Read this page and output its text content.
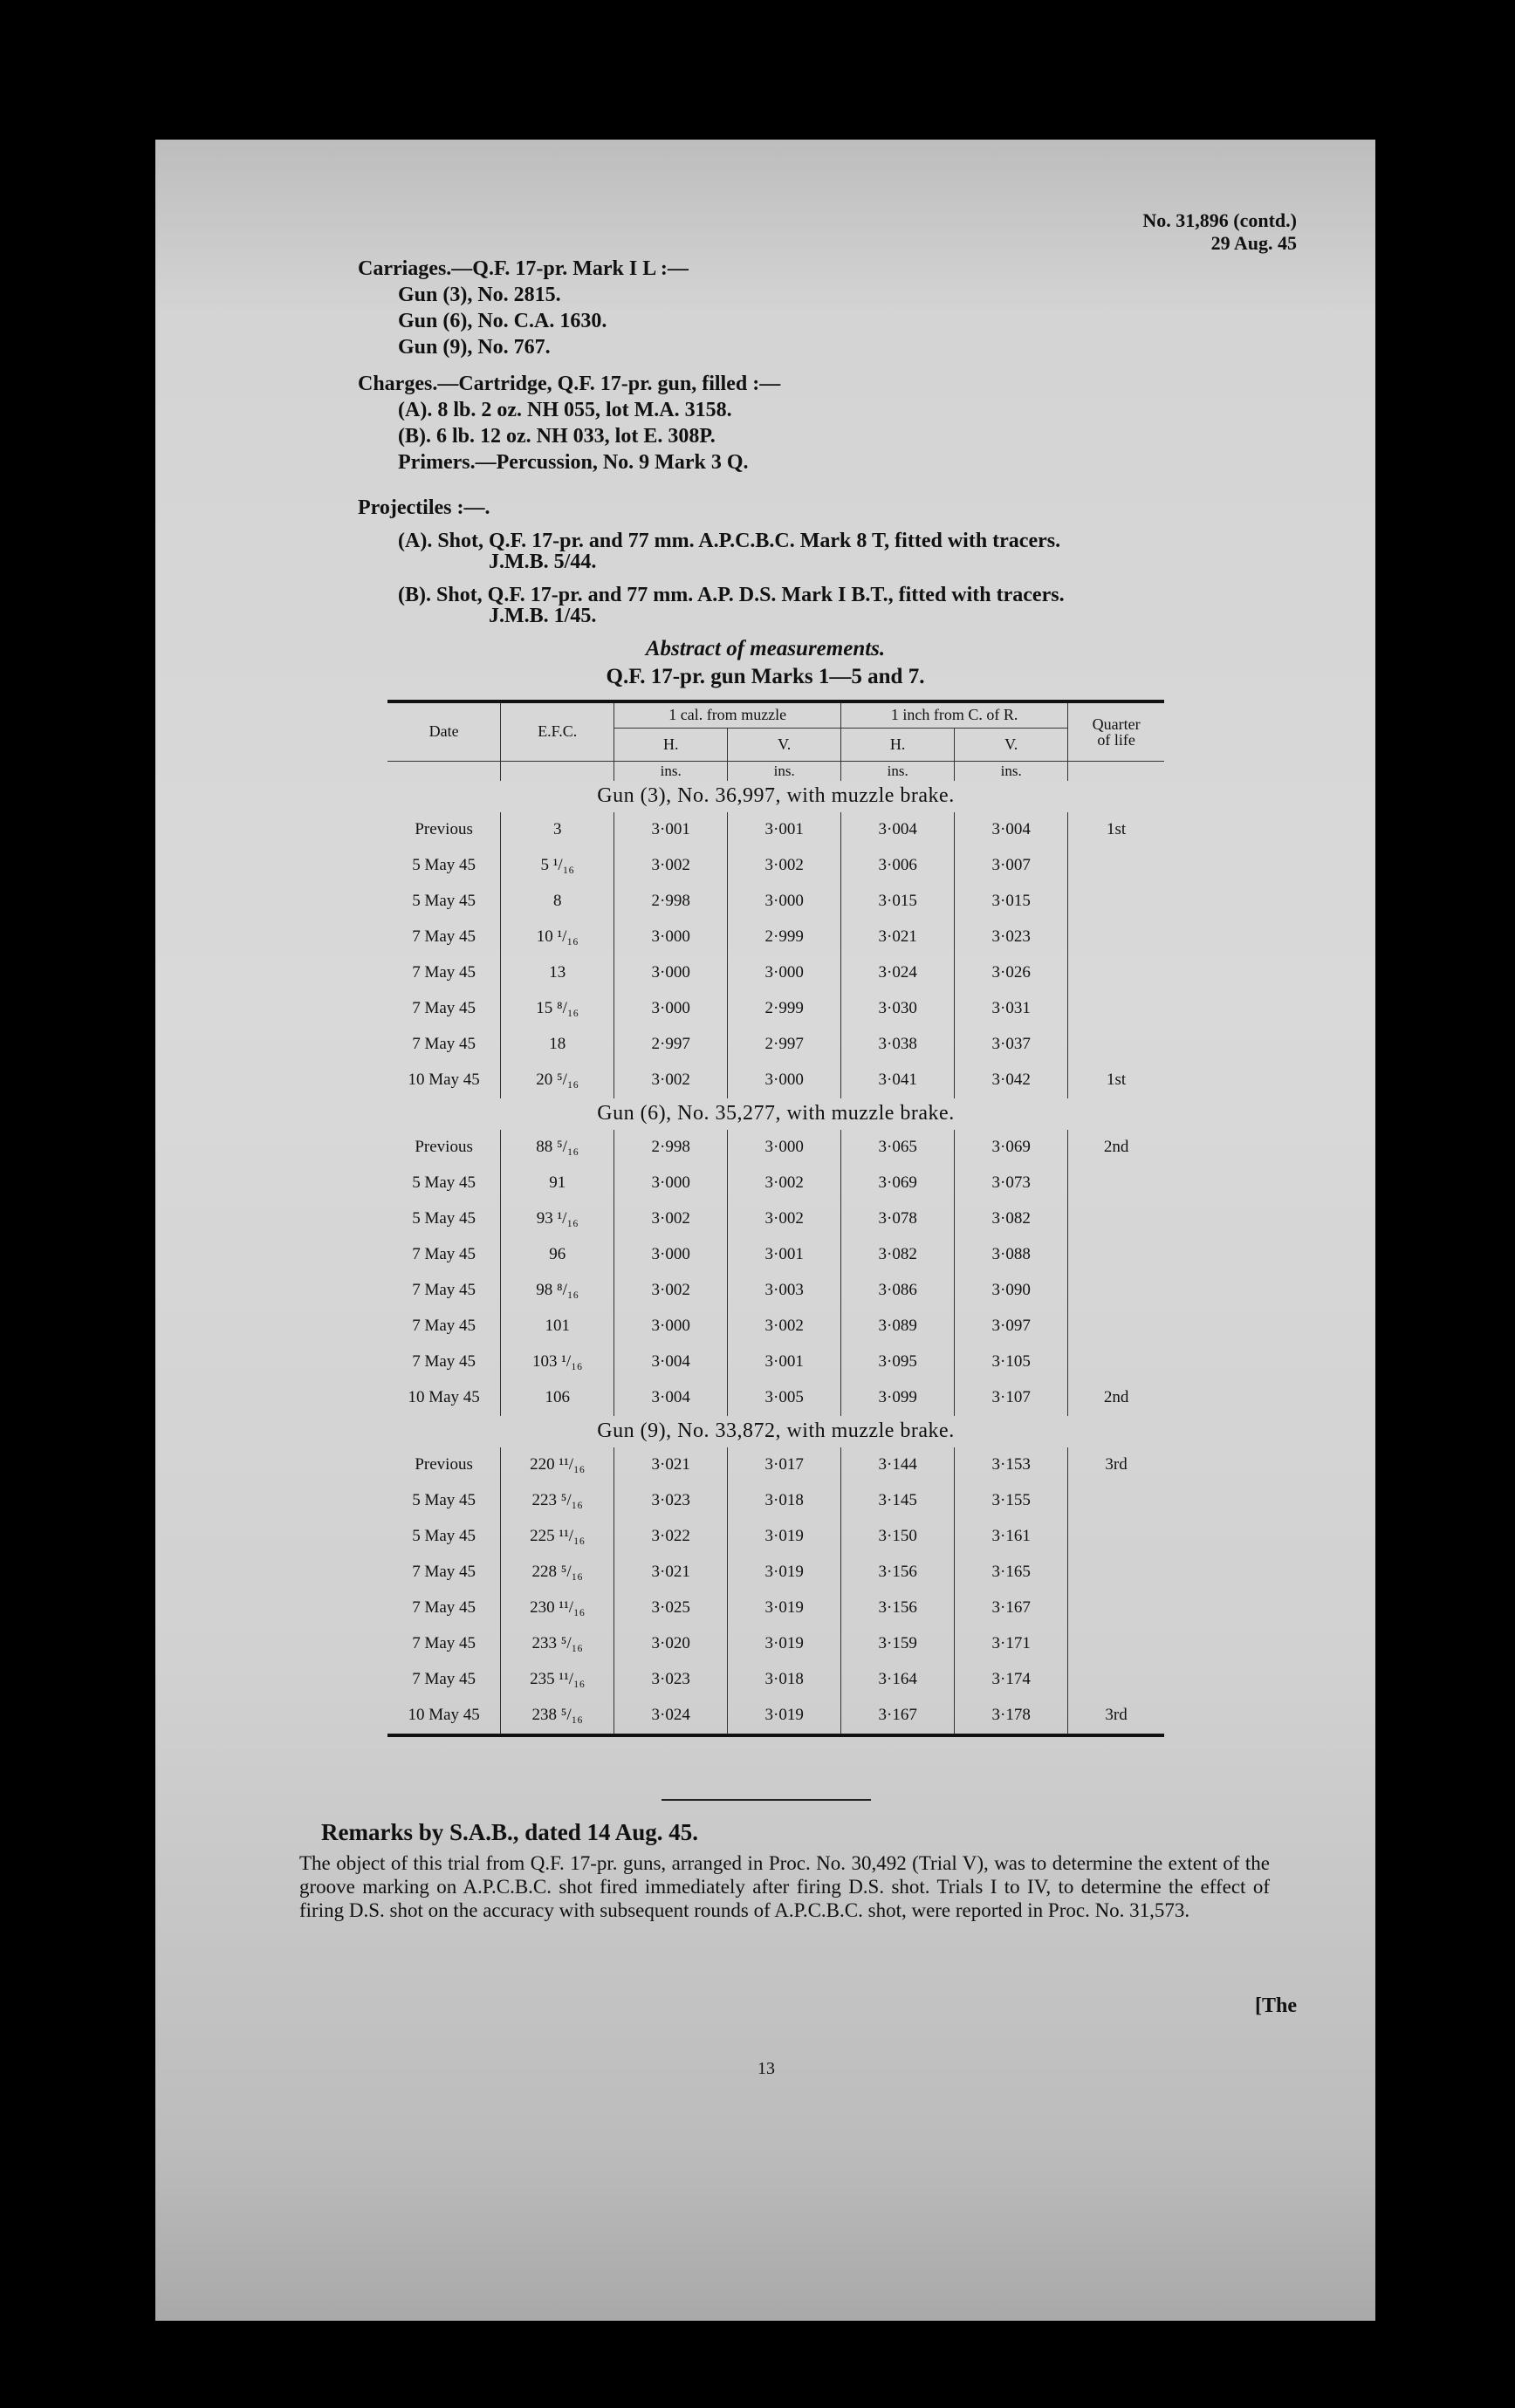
No. 31,896 (contd.)
29 Aug. 45
Carriages.—Q.F. 17-pr. Mark I L :—
Gun (3), No. 2815.
Gun (6), No. C.A. 1630.
Gun (9), No. 767.
Charges.—Cartridge, Q.F. 17-pr. gun, filled :—
(A). 8 lb. 2 oz. NH 055, lot M.A. 3158.
(B). 6 lb. 12 oz. NH 033, lot E. 308P.
Primers.—Percussion, No. 9 Mark 3 Q.
Projectiles :—.
(A). Shot, Q.F. 17-pr. and 77 mm. A.P.C.B.C. Mark 8 T, fitted with tracers.
J.M.B. 5/44.
(B). Shot, Q.F. 17-pr. and 77 mm. A.P. D.S. Mark I B.T., fitted with tracers.
J.M.B. 1/45.
Abstract of measurements.
Q.F. 17-pr. gun Marks 1—5 and 7.
Date	E.F.C.	1 cal. from muzzle		1 inch from C. of R.		Quarter of life
		H.	V.	H.	V.	
		ins.	ins.	ins.	ins.	
Gun (3), No. 36,997, with muzzle brake.						
Previous	3	3·001	3·001	3·004	3·004	1st
5 May 45	5 ¹/₁₆	3·002	3·002	3·006	3·007	
5 May 45	8	2·998	3·000	3·015	3·015	
7 May 45	10 ¹/₁₆	3·000	2·999	3·021	3·023	
7 May 45	13	3·000	3·000	3·024	3·026	
7 May 45	15 ⁸/₁₆	3·000	2·999	3·030	3·031	
7 May 45	18	2·997	2·997	3·038	3·037	
10 May 45	20 ⁵/₁₆	3·002	3·000	3·041	3·042	1st
Gun (6), No. 35,277, with muzzle brake.						
Previous	88 ⁵/₁₆	2·998	3·000	3·065	3·069	2nd
5 May 45	91	3·000	3·002	3·069	3·073	
5 May 45	93 ¹/₁₆	3·002	3·002	3·078	3·082	
7 May 45	96	3·000	3·001	3·082	3·088	
7 May 45	98 ⁸/₁₆	3·002	3·003	3·086	3·090	
7 May 45	101	3·000	3·002	3·089	3·097	
7 May 45	103 ¹/₁₆	3·004	3·001	3·095	3·105	
10 May 45	106	3·004	3·005	3·099	3·107	2nd
Gun (9), No. 33,872, with muzzle brake.						
Previous	220 ¹¹/₁₆	3·021	3·017	3·144	3·153	3rd
5 May 45	223 ⁵/₁₆	3·023	3·018	3·145	3·155	
5 May 45	225 ¹¹/₁₆	3·022	3·019	3·150	3·161	
7 May 45	228 ⁵/₁₆	3·021	3·019	3·156	3·165	
7 May 45	230 ¹¹/₁₆	3·025	3·019	3·156	3·167	
7 May 45	233 ⁵/₁₆	3·020	3·019	3·159	3·171	
7 May 45	235 ¹¹/₁₆	3·023	3·018	3·164	3·174	
10 May 45	238 ⁵/₁₆	3·024	3·019	3·167	3·178	3rd
Remarks by S.A.B., dated 14 Aug. 45.
The object of this trial from Q.F. 17-pr. guns, arranged in Proc. No. 30,492 (Trial V), was to determine the extent of the groove marking on A.P.C.B.C. shot fired immediately after firing D.S. shot. Trials I to IV, to determine the effect of firing D.S. shot on the accuracy with subsequent rounds of A.P.C.B.C. shot, were reported in Proc. No. 31,573.
[The
13
